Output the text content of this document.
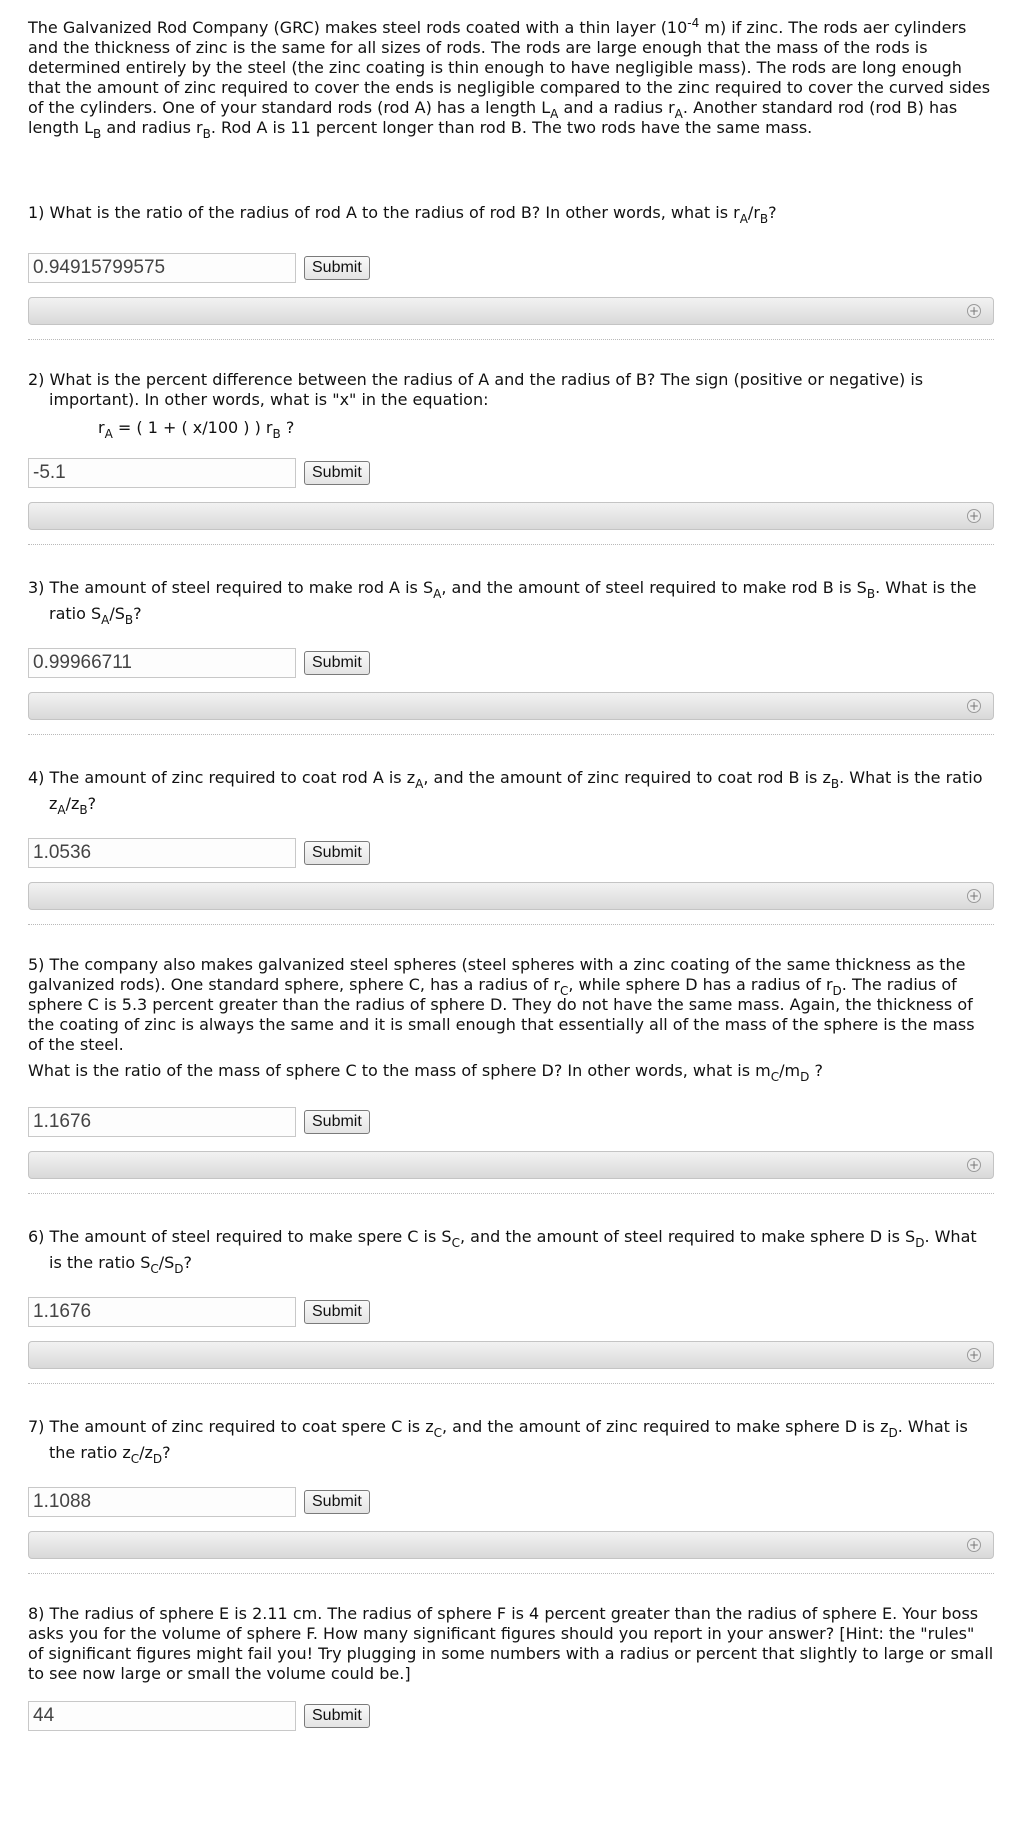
The Galvanized Rod Company (GRC) makes steel rods coated with a thin layer ($10^{-4}$ m) if zinc. The rods aer cylinders and the thickness of zinc is the same for all sizes of rods. The rods are large enough that the mass of the rods is determined entirely by the steel (the zinc coating is thin enough to have negligible mass). The rods are long enough that the amount of zinc required to cover the ends is negligible compared to the zinc required to cover the curved sides of the cylinders. One of your standard rods (rod A) has a length $L_A$ and a radius $r_A$. Another standard rod (rod B) has length $L_B$ and radius $r_B$. Rod A is 11 percent longer than rod B. The two rods have the same mass.

1) What is the ratio of the radius of rod A to the radius of rod B? In other words, what is $r_A/r_B$?

0.94915799575
Submit
+

2) What is the percent difference between the radius of A and the radius of B? The sign (positive or negative) is important). In other words, what is "x" in the equation:

$r_A$ = ( 1 + ( x/100 ) ) $r_B$ ?

-5.1
Submit
+

3) The amount of steel required to make rod A is $S_A$, and the amount of steel required to make rod B is $S_B$. What is the ratio $S_A/S_B$?

0.99966711
Submit
+

4) The amount of zinc required to coat rod A is $z_A$, and the amount of zinc required to coat rod B is $z_B$. What is the ratio $z_A/z_B$?

1.0536
Submit
+

5) The company also makes galvanized steel spheres (steel spheres with a zinc coating of the same thickness as the galvanized rods). One standard sphere, sphere C, has a radius of $r_C$, while sphere D has a radius of $r_D$. The radius of sphere C is 5.3 percent greater than the radius of sphere D. They do not have the same mass. Again, the thickness of the coating of zinc is always the same and it is small enough that essentially all of the mass of the sphere is the mass of the steel.

What is the ratio of the mass of sphere C to the mass of sphere D? In other words, what is $m_C/m_D$ ?

1.1676
Submit
+

6) The amount of steel required to make spere C is $S_C$, and the amount of steel required to make sphere D is $S_D$. What is the ratio $S_C/S_D$?

1.1676
Submit
+

7) The amount of zinc required to coat spere C is $z_C$, and the amount of zinc required to make sphere D is $z_D$. What is the ratio $z_C/z_D$?

1.1088
Submit
+

8) The radius of sphere E is 2.11 cm. The radius of sphere F is 4 percent greater than the radius of sphere E. Your boss asks you for the volume of sphere F. How many significant figures should you report in your answer? [Hint: the "rules" of significant figures might fail you! Try plugging in some numbers with a radius or percent that slightly to large or small to see now large or small the volume could be.]

44
Submit
